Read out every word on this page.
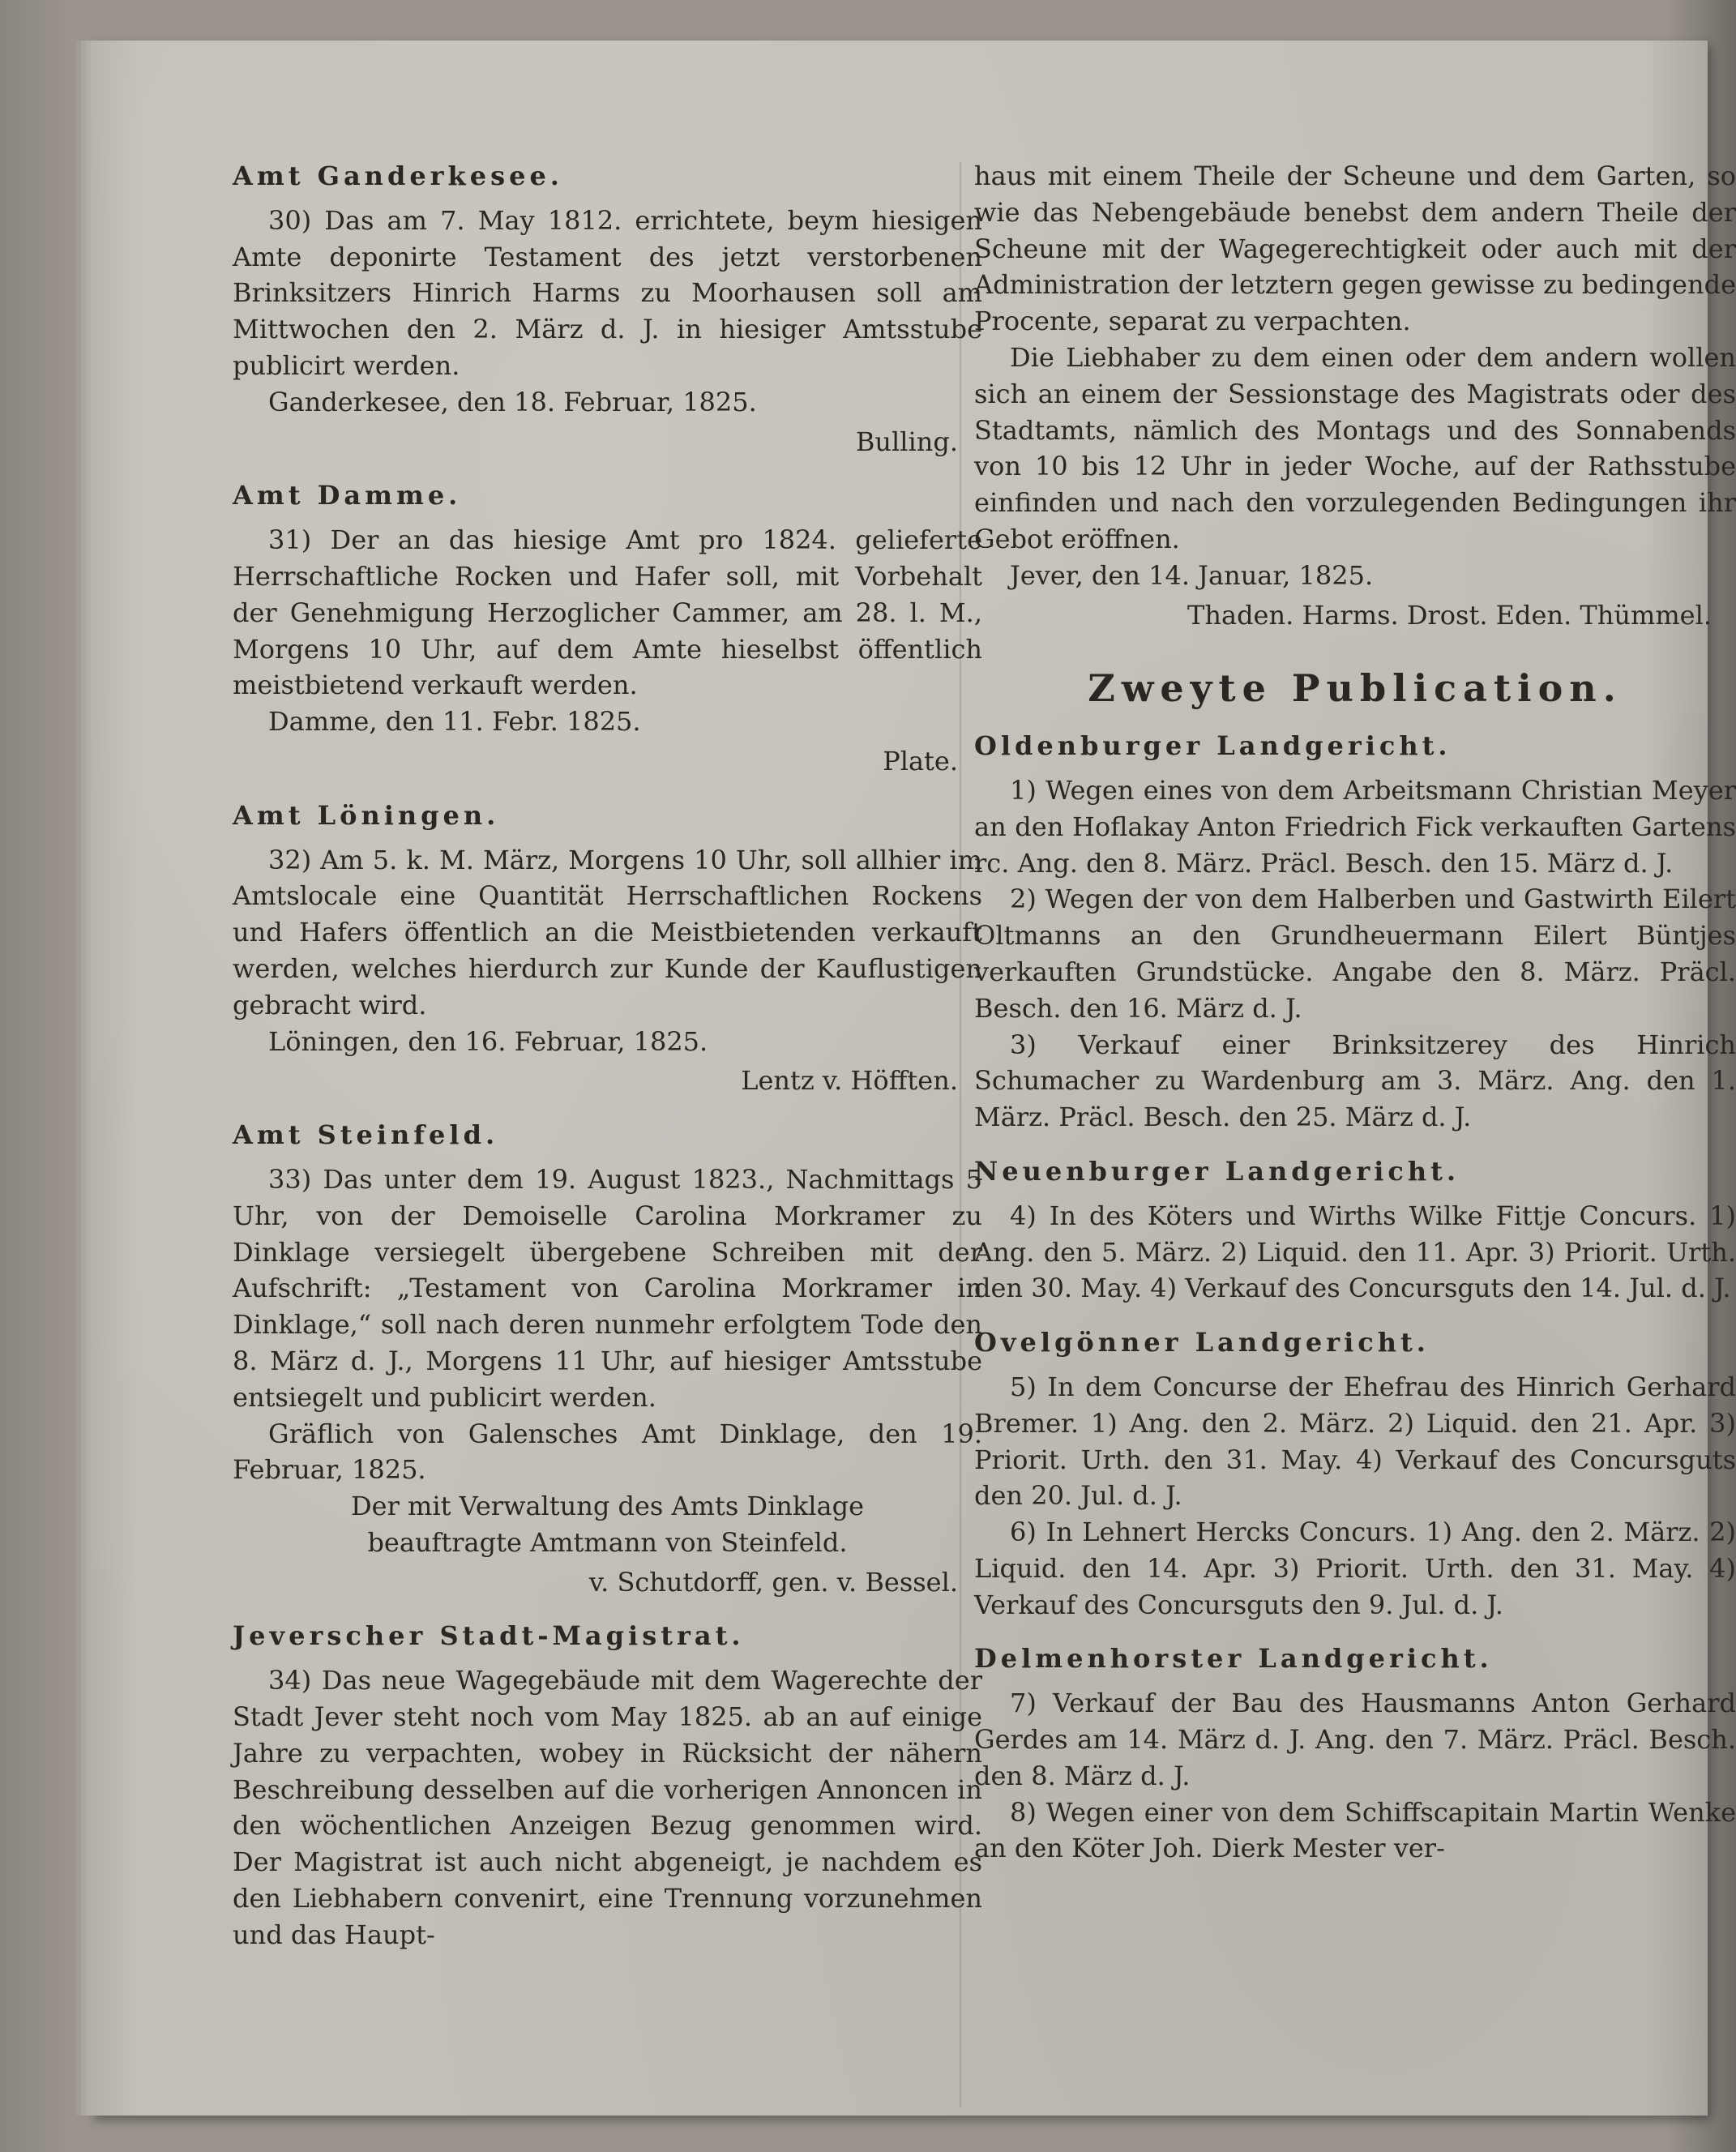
Amt Ganderkesee.

30) Das am 7. May 1812. errichtete, beym hiesigen Amte deponirte Testament des jetzt verstorbenen Brinksitzers Hinrich Harms zu Moorhausen soll am Mittwochen den 2. März d. J. in hiesiger Amtsstube publicirt werden.

Ganderkesee, den 18. Februar, 1825.

Bulling.

Amt Damme.

31) Der an das hiesige Amt pro 1824. gelieferte Herrschaftliche Rocken und Hafer soll, mit Vorbehalt der Genehmigung Herzoglicher Cammer, am 28. l. M., Morgens 10 Uhr, auf dem Amte hieselbst öffentlich meistbietend verkauft werden.

Damme, den 11. Febr. 1825.

Plate.

Amt Löningen.

32) Am 5. k. M. März, Morgens 10 Uhr, soll allhier im Amtslocale eine Quantität Herrschaftlichen Rockens und Hafers öffentlich an die Meistbietenden verkauft werden, welches hierdurch zur Kunde der Kauflustigen gebracht wird.

Löningen, den 16. Februar, 1825.

Lentz v. Höfften.

Amt Steinfeld.

33) Das unter dem 19. August 1823., Nachmittags 5 Uhr, von der Demoiselle Carolina Morkramer zu Dinklage versiegelt übergebene Schreiben mit der Aufschrift: „Testament von Carolina Morkramer in Dinklage,“ soll nach deren nunmehr erfolgtem Tode den 8. März d. J., Morgens 11 Uhr, auf hiesiger Amtsstube entsiegelt und publicirt werden.

Gräflich von Galensches Amt Dinklage, den 19. Februar, 1825.

Der mit Verwaltung des Amts Dinklage

beauftragte Amtmann von Steinfeld.

v. Schutdorff, gen. v. Bessel.

Jeverscher Stadt-Magistrat.

34) Das neue Wagegebäude mit dem Wagerechte der Stadt Jever steht noch vom May 1825. ab an auf einige Jahre zu verpachten, wobey in Rücksicht der nähern Beschreibung desselben auf die vorherigen Annoncen in den wöchentlichen Anzeigen Bezug genommen wird. Der Magistrat ist auch nicht abgeneigt, je nachdem es den Liebhabern convenirt, eine Trennung vorzunehmen und das Haupt-

haus mit einem Theile der Scheune und dem Garten, so wie das Nebengebäude benebst dem andern Theile der Scheune mit der Wagegerechtigkeit oder auch mit der Administration der letztern gegen gewisse zu bedingende Procente, separat zu verpachten.

Die Liebhaber zu dem einen oder dem andern wollen sich an einem der Sessionstage des Magistrats oder des Stadtamts, nämlich des Montags und des Sonnabends von 10 bis 12 Uhr in jeder Woche, auf der Rathsstube einfinden und nach den vorzulegenden Bedingungen ihr Gebot eröffnen.

Jever, den 14. Januar, 1825.

Thaden. Harms. Drost. Eden. Thümmel.

Zweyte Publication.
Oldenburger Landgericht.

1) Wegen eines von dem Arbeitsmann Christian Meyer an den Hoflakay Anton Friedrich Fick verkauften Gartens rc. Ang. den 8. März. Präcl. Besch. den 15. März d. J.

2) Wegen der von dem Halberben und Gastwirth Eilert Oltmanns an den Grundheuermann Eilert Büntjes verkauften Grundstücke. Angabe den 8. März. Präcl. Besch. den 16. März d. J.

3) Verkauf einer Brinksitzerey des Hinrich Schumacher zu Wardenburg am 3. März. Ang. den 1. März. Präcl. Besch. den 25. März d. J.

Neuenburger Landgericht.

4) In des Köters und Wirths Wilke Fittje Concurs. 1) Ang. den 5. März. 2) Liquid. den 11. Apr. 3) Priorit. Urth. den 30. May. 4) Verkauf des Concursguts den 14. Jul. d. J.

Ovelgönner Landgericht.

5) In dem Concurse der Ehefrau des Hinrich Gerhard Bremer. 1) Ang. den 2. März. 2) Liquid. den 21. Apr. 3) Priorit. Urth. den 31. May. 4) Verkauf des Concursguts den 20. Jul. d. J.

6) In Lehnert Hercks Concurs. 1) Ang. den 2. März. 2) Liquid. den 14. Apr. 3) Priorit. Urth. den 31. May. 4) Verkauf des Concursguts den 9. Jul. d. J.

Delmenhorster Landgericht.

7) Verkauf der Bau des Hausmanns Anton Gerhard Gerdes am 14. März d. J. Ang. den 7. März. Präcl. Besch. den 8. März d. J.

8) Wegen einer von dem Schiffscapitain Martin Wenke an den Köter Joh. Dierk Mester ver-
